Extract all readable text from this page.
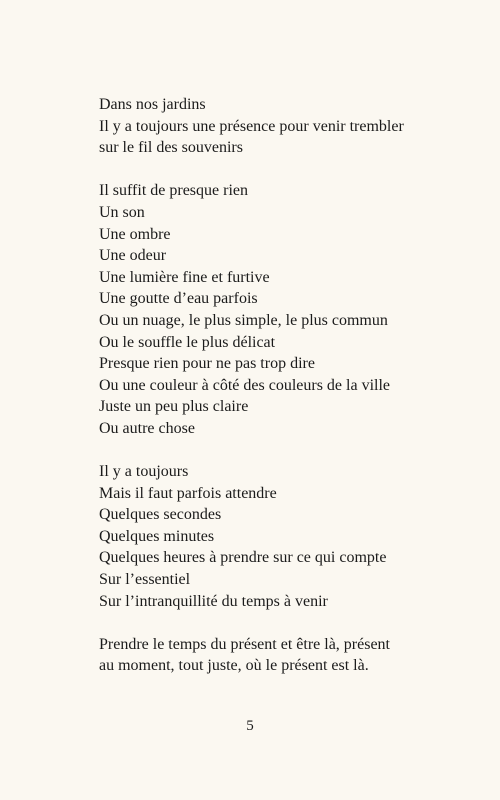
Dans nos jardins
Il y a toujours une présence pour venir trembler
sur le fil des souvenirs
Il suffit de presque rien
Un son
Une ombre
Une odeur
Une lumière fine et furtive
Une goutte d’eau parfois
Ou un nuage, le plus simple, le plus commun
Ou le souffle le plus délicat
Presque rien pour ne pas trop dire
Ou une couleur à côté des couleurs de la ville
Juste un peu plus claire
Ou autre chose
Il y a toujours
Mais il faut parfois attendre
Quelques secondes
Quelques minutes
Quelques heures à prendre sur ce qui compte
Sur l’essentiel
Sur l’intranquillité du temps à venir
Prendre le temps du présent et être là, présent
au moment, tout juste, où le présent est là.
5
